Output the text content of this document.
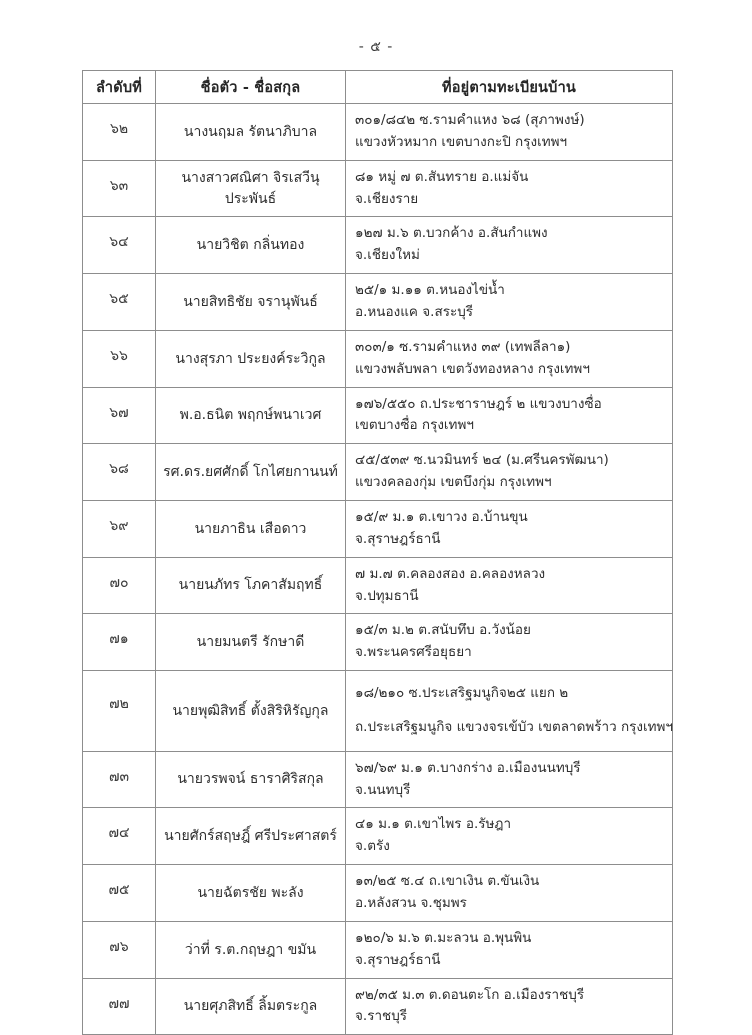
- ๕ -
ลำดับที่	ชื่อตัว - ชื่อสกุล	ที่อยู่ตามทะเบียนบ้าน
๖๒	นางนฤมล รัตนาภิบาล	๓๐๑/๘๔๒ ซ.รามคำแหง ๖๘ (สุภาพงษ์)
แขวงหัวหมาก เขตบางกะปิ กรุงเทพฯ

๖๓	นางสาวศณิศา จิรเสวีนุประพันธ์	๘๑ หมู่ ๗ ต.สันทราย อ.แม่จัน
จ.เชียงราย

๖๔	นายวิชิต กลิ่นทอง	๑๒๗ ม.๖ ต.บวกค้าง อ.สันกำแพง
จ.เชียงใหม่

๖๕	นายสิทธิชัย จรานุพันธ์	๒๕/๑ ม.๑๑ ต.หนองไข่น้ำ
อ.หนองแค จ.สระบุรี

๖๖	นางสุรภา ประยงค์ระวิกูล	๓๐๓/๑ ซ.รามคำแหง ๓๙ (เทพลีลา๑)
แขวงพลับพลา เขตวังทองหลาง กรุงเทพฯ

๖๗	พ.อ.ธนิต พฤกษ์พนาเวศ	๑๗๖/๕๕๐ ถ.ประชาราษฎร์ ๒ แขวงบางซื่อ
เขตบางซื่อ กรุงเทพฯ

๖๘	รศ.ดร.ยศศักดิ์ โกไศยกานนท์	๔๕/๕๓๙ ซ.นวมินทร์ ๒๔ (ม.ศรีนครพัฒนา)
แขวงคลองกุ่ม เขตบึงกุ่ม กรุงเทพฯ

๖๙	นายภาธิน เสือดาว	๑๕/๙ ม.๑ ต.เขาวง อ.บ้านขุน
จ.สุราษฎร์ธานี

๗๐	นายนภัทร โภคาสัมฤทธิ์	๗ ม.๗ ต.คลองสอง อ.คลองหลวง
จ.ปทุมธานี

๗๑	นายมนตรี รักษาดี	๑๕/๓ ม.๒ ต.สนับทึบ อ.วังน้อย
จ.พระนครศรีอยุธยา

๗๒	นายพุฒิสิทธิ์ ตั้งสิริหิรัญกุล	๑๘/๒๑๐ ซ.ประเสริฐมนูกิจ๒๕ แยก ๒
ถ.ประเสริฐมนูกิจ แขวงจรเข้บัว เขตลาดพร้าว กรุงเทพฯ

๗๓	นายวรพจน์ ธาราศิริสกุล	๖๗/๖๙ ม.๑ ต.บางกร่าง อ.เมืองนนทบุรี
จ.นนทบุรี

๗๔	นายศักร์สฤษฎิ์ ศรีประศาสตร์	๔๑ ม.๑ ต.เขาไพร อ.รัษฎา
จ.ตรัง

๗๕	นายฉัตรชัย พะลัง	๑๓/๒๕ ซ.๔ ถ.เขาเงิน ต.ขันเงิน
อ.หลังสวน จ.ชุมพร

๗๖	ว่าที่ ร.ต.กฤษฎา ขมัน	๑๒๐/๖ ม.๖ ต.มะลวน อ.พุนพิน
จ.สุราษฎร์ธานี

๗๗	นายศุภสิทธิ์ ลิ้มตระกูล	๙๒/๓๕ ม.๓ ต.ดอนตะโก อ.เมืองราชบุรี
จ.ราชบุรี
